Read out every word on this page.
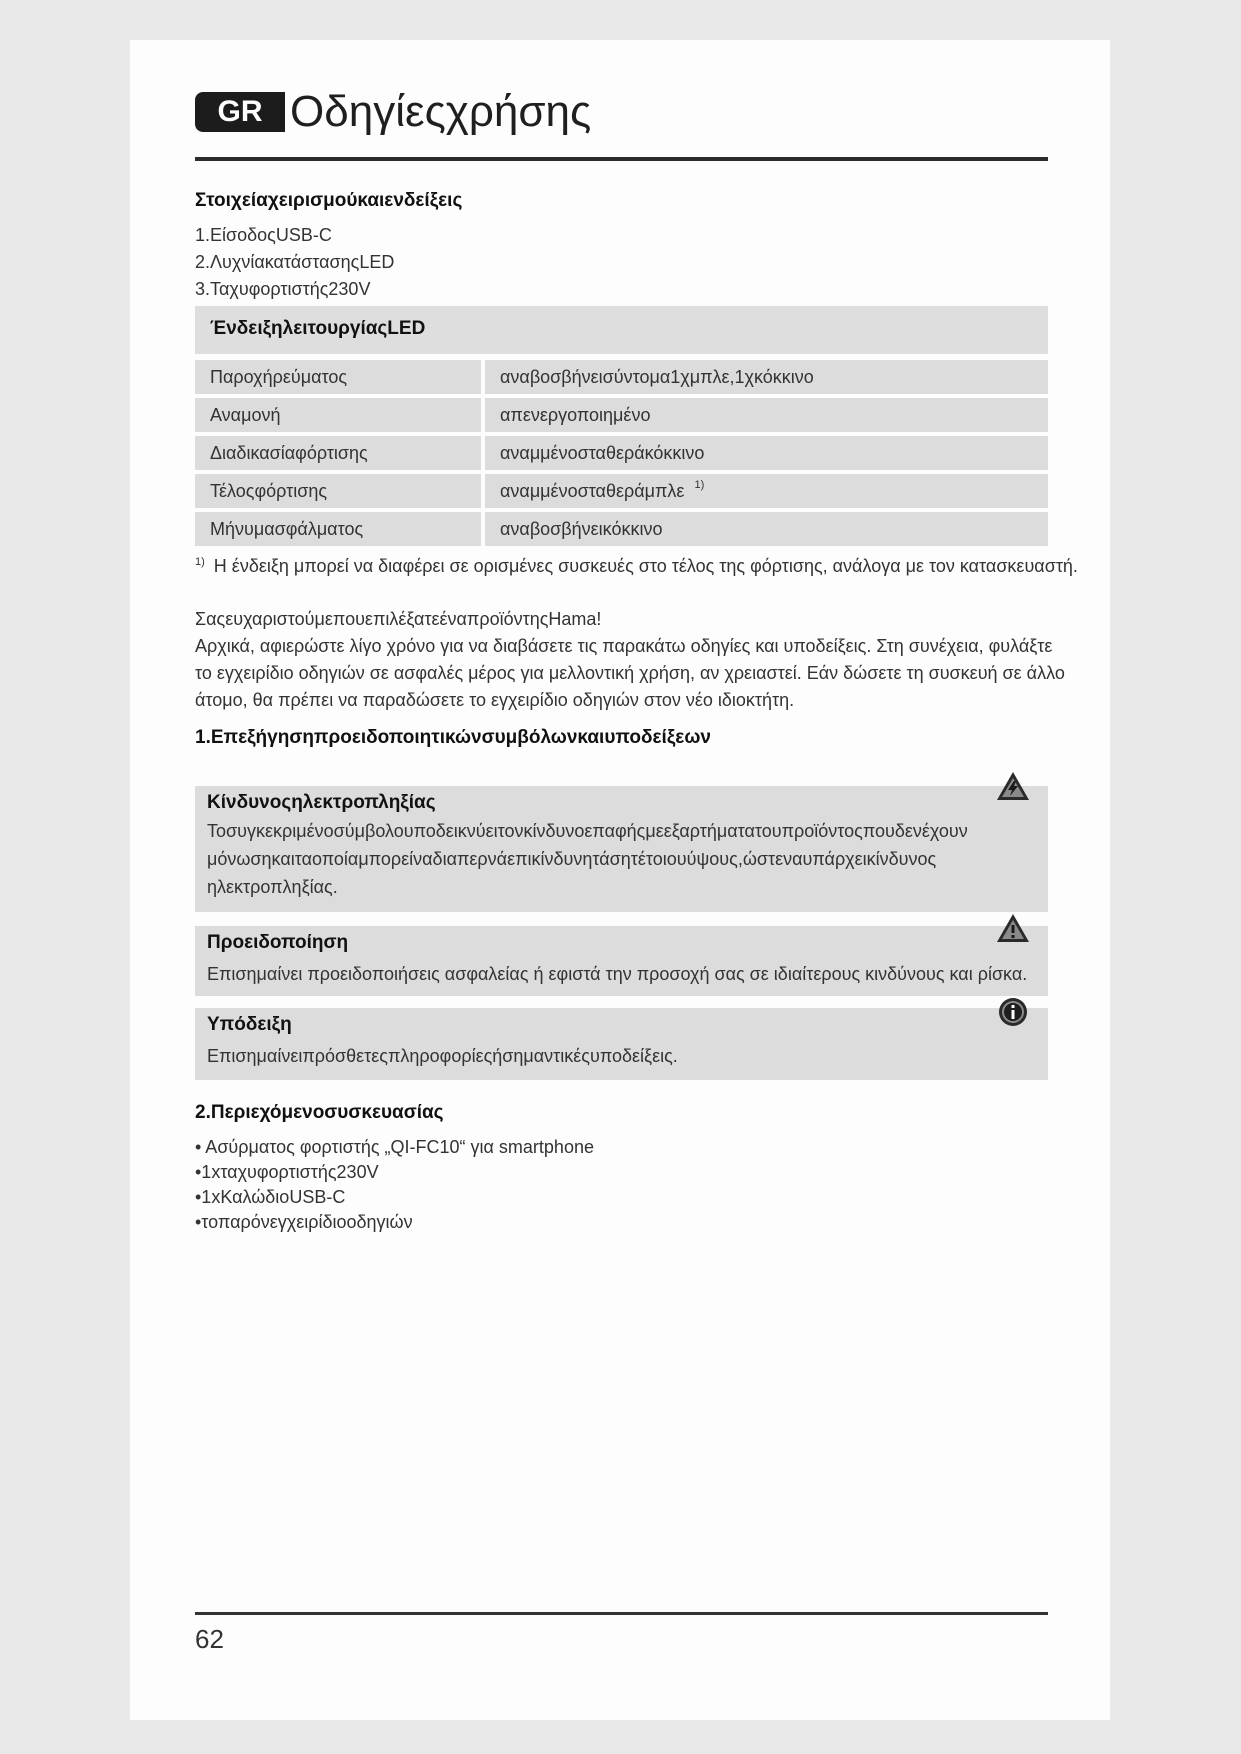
GR Οδηγίεςχρήσης
Στοιχείαχειρισμούκαιενδείξεις
1.ΕίσοδοςUSB-C
2.ΛυχνίακατάστασηςLED
3.Ταχυφορτιστής230V
ΈνδειξηλειτουργίαςLED
Παροχήρεύματος	αναβοσβήνεισύντομα1χμπλε,1χκόκκινο
Αναμονή	απενεργοποιημένο
Διαδικασίαφόρτισης	αναμμένοσταθεράκόκκινο
Τέλοςφόρτισης	αναμμένοσταθεράμπλε $^{1)}$
Μήνυμασφάλματος	αναβοσβήνεικόκκινο
$^{1)}$ Η ένδειξη μπορεί να διαφέρει σε ορισμένες συσκευές στο τέλος της φόρτισης, ανάλογα με τον κατασκευαστή.
ΣαςευχαριστούμεπουεπιλέξατεέναπροϊόντηςHama!
Αρχικά, αφιερώστε λίγο χρόνο για να διαβάσετε τις παρακάτω οδηγίες και υποδείξεις. Στη συνέχεια, φυλάξτε
το εγχειρίδιο οδηγιών σε ασφαλές μέρος για μελλοντική χρήση, αν χρειαστεί. Εάν δώσετε τη συσκευή σε άλλο
άτομο, θα πρέπει να παραδώσετε το εγχειρίδιο οδηγιών στον νέο ιδιοκτήτη.
1.Επεξήγησηπροειδοποιητικώνσυμβόλωνκαιυποδείξεων
Κίνδυνοςηλεκτροπληξίας
Τοσυγκεκριμένοσύμβολουποδεικνύειτονκίνδυνοεπαφήςμεεξαρτήματατουπροϊόντοςπουδενέχουν
μόνωσηκαιταοποίαμπορείναδιαπερνάεπικίνδυνητάσητέτοιουύψους,ώστεναυπάρχεικίνδυνος
ηλεκτροπληξίας.
Προειδοποίηση
Επισημαίνει προειδοποιήσεις ασφαλείας ή εφιστά την προσοχή σας σε ιδιαίτερους κινδύνους και ρίσκα.
Υπόδειξη
Επισημαίνειπρόσθετεςπληροφορίεςήσημαντικέςυποδείξεις.
2.Περιεχόμενοσυσκευασίας
• Ασύρματος φορτιστής „QI-FC10“ για smartphone
•1xταχυφορτιστής230V
•1xΚαλώδιοUSB-C
•τοπαρόνεγχειρίδιοοδηγιών
62
